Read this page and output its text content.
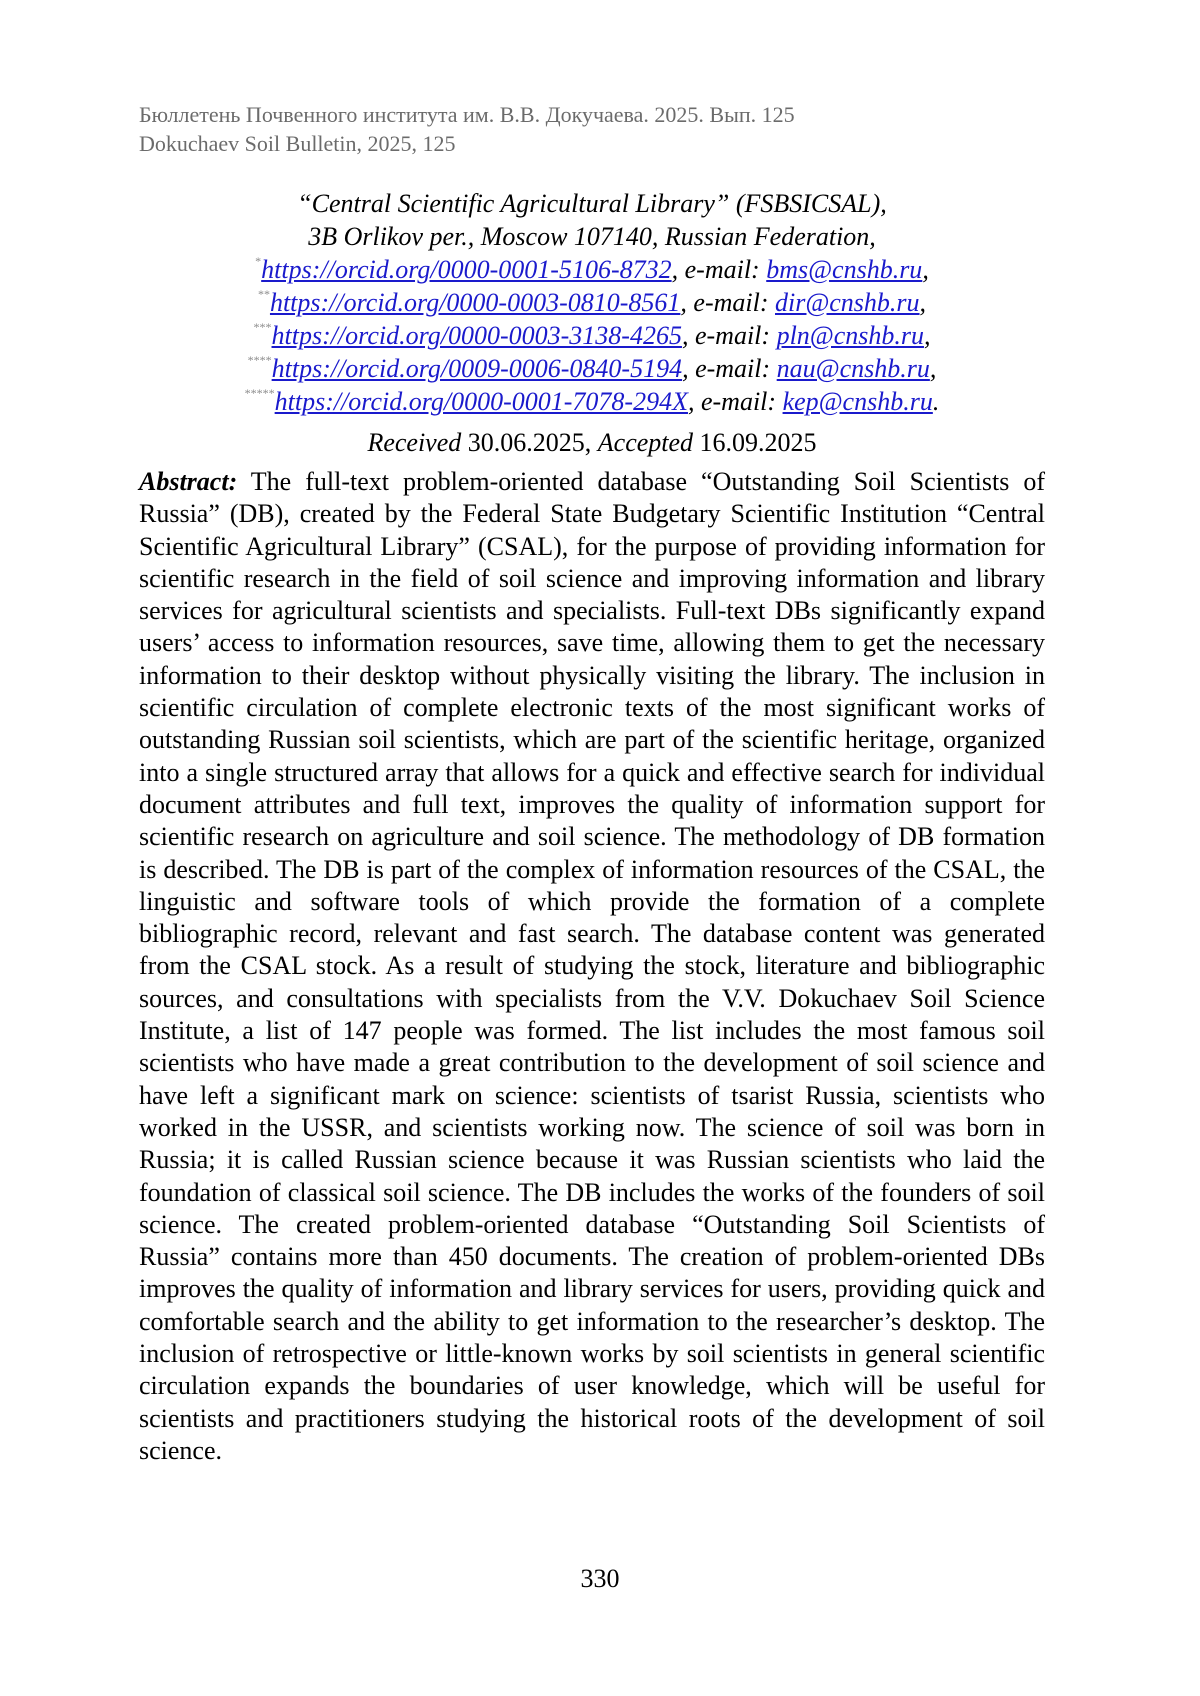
Бюллетень Почвенного института им. В.В. Докучаева. 2025. Вып. 125
Dokuchaev Soil Bulletin, 2025, 125
“Central Scientific Agricultural Library” (FSBSICSAL),
3B Orlikov per., Moscow 107140, Russian Federation,
*https://orcid.org/0000-0001-5106-8732, e-mail: bms@cnshb.ru,
**https://orcid.org/0000-0003-0810-8561, e-mail: dir@cnshb.ru,
***https://orcid.org/0000-0003-3138-4265, e-mail: pln@cnshb.ru,
****https://orcid.org/0009-0006-0840-5194, e-mail: nau@cnshb.ru,
*****https://orcid.org/0000-0001-7078-294X, e-mail: kep@cnshb.ru.
Received 30.06.2025, Accepted 16.09.2025
Abstract: The full-text problem-oriented database “Outstanding Soil Scientists of Russia” (DB), created by the Federal State Budgetary Scientific Institution “Central Scientific Agricultural Library” (CSAL), for the purpose of providing information for scientific research in the field of soil science and improving information and library services for agricultural scientists and specialists. Full-text DBs significantly expand users’ access to information resources, save time, allowing them to get the necessary information to their desktop without physically visiting the library. The inclusion in scientific circulation of complete electronic texts of the most significant works of outstanding Russian soil scientists, which are part of the scientific heritage, organized into a single structured array that allows for a quick and effective search for individual document attributes and full text, improves the quality of information support for scientific research on agriculture and soil science. The methodology of DB formation is described. The DB is part of the complex of information resources of the CSAL, the linguistic and software tools of which provide the formation of a complete bibliographic record, relevant and fast search. The database content was generated from the CSAL stock. As a result of studying the stock, literature and bibliographic sources, and consultations with specialists from the V.V. Dokuchaev Soil Science Institute, a list of 147 people was formed. The list includes the most famous soil scientists who have made a great contribution to the development of soil science and have left a significant mark on science: scientists of tsarist Russia, scientists who worked in the USSR, and scientists working now. The science of soil was born in Russia; it is called Russian science because it was Russian scientists who laid the foundation of classical soil science. The DB includes the works of the founders of soil science. The created problem-oriented database “Outstanding Soil Scientists of Russia” contains more than 450 documents. The creation of problem-oriented DBs improves the quality of information and library services for users, providing quick and comfortable search and the ability to get information to the researcher’s desktop. The inclusion of retrospective or little-known works by soil scientists in general scientific circulation expands the boundaries of user knowledge, which will be useful for scientists and practitioners studying the historical roots of the development of soil science.
330
